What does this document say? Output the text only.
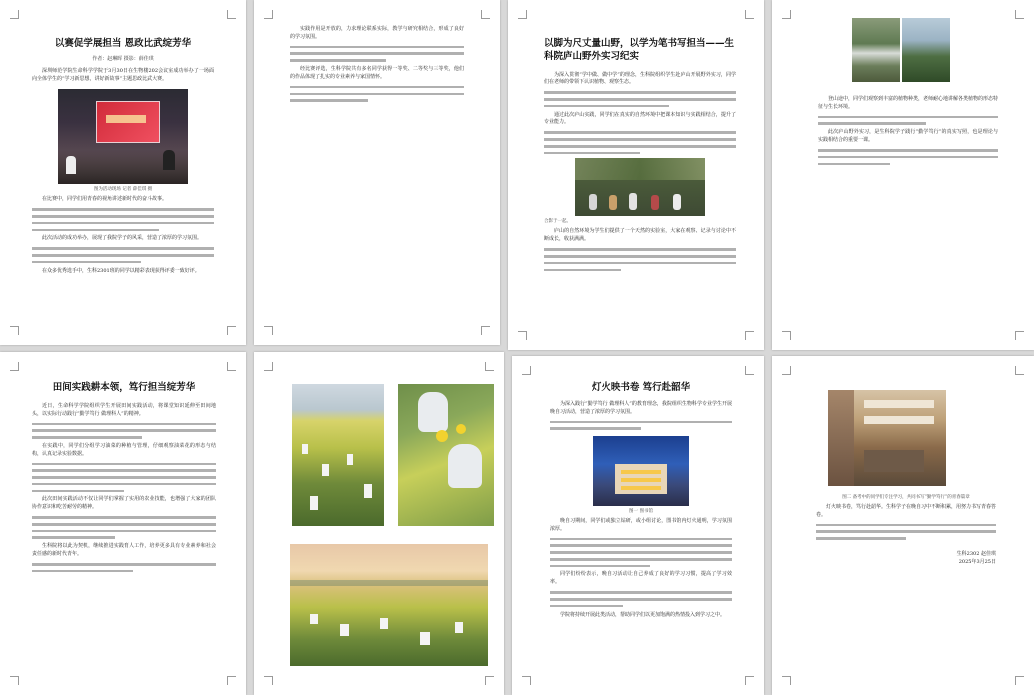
以赛促学展担当 恩政比武绽芳华
作者：赵琳晖 摄影：薛佳琪

深圳师范学院生命科学学院于3月30日在生物楼202会议室成功举办了一场面向全体学生的“学习新思想，讲好新故事”主题思政比武大赛。

图为活动现场 记者 薛佳琪 摄

在比赛中，同学们用青春的视角讲述新时代的奋斗故事。

此次活动的成功举办，展现了我院学子的风采，营造了浓厚的学习氛围。

在众多优秀选手中，生科2301班的同学以精彩表现获得评委一致好评。

实践作用是开放的，力求理论联系实际，教学与研究相结合，形成了良好的学习氛围。

经比赛评选，生科学院共有多名同学获得一等奖、二等奖与三等奖，他们的作品体现了扎实的专业素养与家国情怀。

以脚为尺丈量山野，以学为笔书写担当——生科院庐山野外实习纪实

为深入贯彻“学中做、做中学”的理念，生科院组织学生赴庐山开展野外实习，同学们在老师的带领下认识植物、观察生态。

通过此次庐山实践，同学们在真实的自然环境中把课本知识与实践相结合，提升了专业能力。

合影于一起。

庐山的自然环境为学生们提供了一个天然的实验室，大家在观察、记录与讨论中不断成长，收获满满。

登山途中，同学们观察到丰富的植物种类，老师耐心地讲解各类植物的形态特征与生长环境。

此次庐山野外实习，是生科院学子践行“勤学笃行”的真实写照，也是理论与实践相结合的重要一课。

田间实践耕本领，笃行担当绽芳华

近日，生命科学学院组织学生开展田间实践活动，将课堂知识延伸至田间地头，以实际行动践行“勤学笃行 做理科人”的精神。

在实践中，同学们分组学习油菜的种植与管理，仔细观察油菜花的形态与结构，认真记录实验数据。

此次田间实践活动不仅让同学们掌握了实用的农业技能，也增强了大家的团队协作意识和吃苦耐劳的精神。

生科院将以此为契机，继续推进实践育人工作，培养更多具有专业素养和社会责任感的新时代青年。

灯火映书卷 笃行赴韶华

为深入践行“勤学笃行 做理科人”的教育理念，我院组织生物科学专业学生开展晚自习活动，营造了浓厚的学习氛围。

图一 图书馆

晚自习期间，同学们或独立钻研，或小组讨论，图书馆内灯火通明，学习氛围浓厚。

同学们纷纷表示，晚自习活动让自己养成了良好的学习习惯，提高了学习效率。

学院将持续开展此类活动，帮助同学们以更加饱满的热情投入到学习之中。

图二 备考中的同学们专注学习，共同书写“勤学笃行”的青春篇章

灯火映书卷，笃行赴韶华。生科学子在晚自习中不断积累，用努力书写青春答卷。

生科2302 赵佳琪
2025年3月25日
